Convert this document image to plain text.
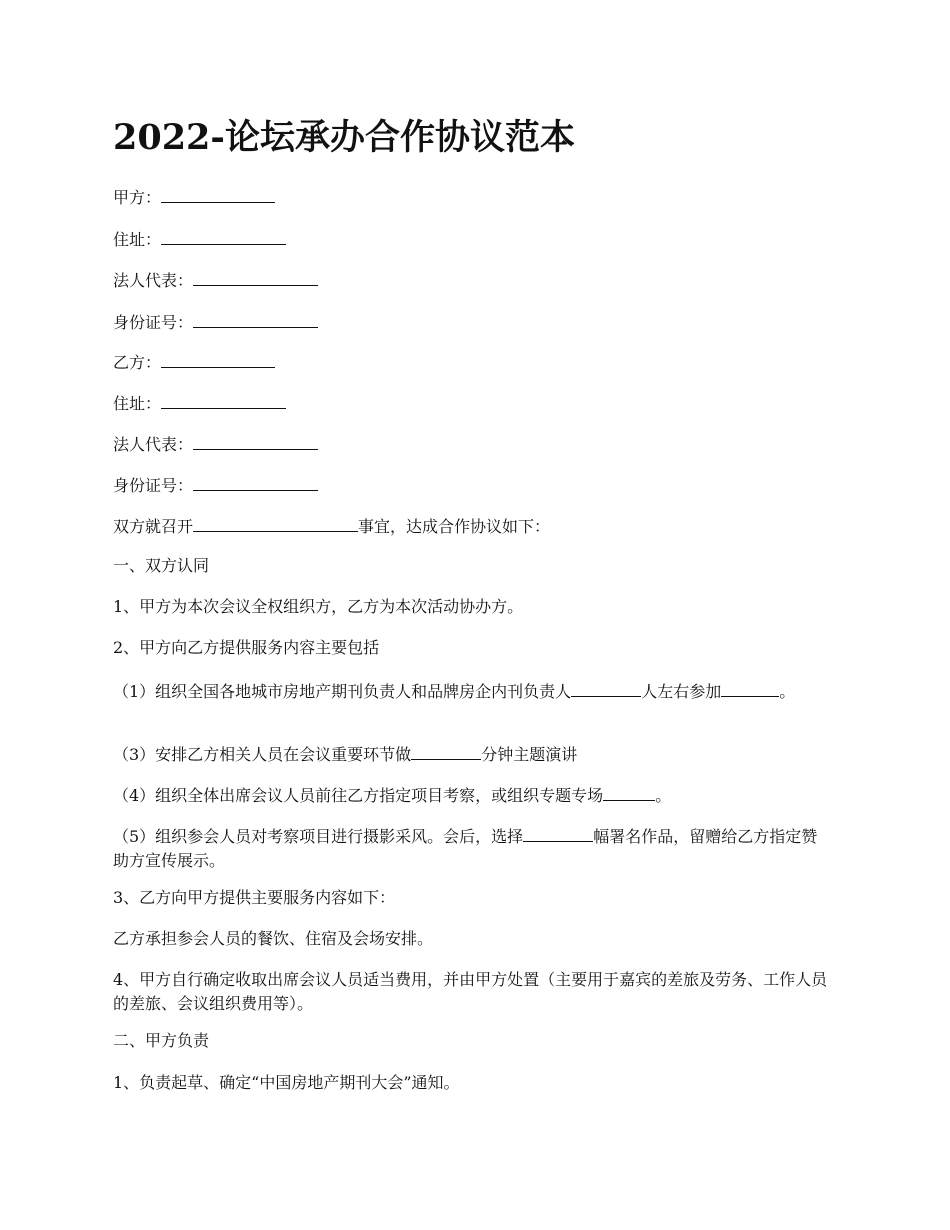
2022-论坛承办合作协议范本

甲方：

住址：

法人代表：

身份证号：

乙方：

住址：

法人代表：

身份证号：

双方就召开	事宜，达成合作协议如下：

一、双方认同

1、甲方为本次会议全权组织方，乙方为本次活动协办方。

2、甲方向乙方提供服务内容主要包括

（1）组织全国各地城市房地产期刊负责人和品牌房企内刊负责人	人左右参加	。

（3）安排乙方相关人员在会议重要环节做	分钟主题演讲

（4）组织全体出席会议人员前往乙方指定项目考察，或组织专题专场	。

（5）组织参会人员对考察项目进行摄影采风。会后，选择	幅署名作品，留赠给乙方指定赞助方宣传展示。

3、乙方向甲方提供主要服务内容如下：

乙方承担参会人员的餐饮、住宿及会场安排。

4、甲方自行确定收取出席会议人员适当费用，并由甲方处置（主要用于嘉宾的差旅及劳务、工作人员的差旅、会议组织费用等）。

二、甲方负责

1、负责起草、确定“中国房地产期刊大会”通知。
